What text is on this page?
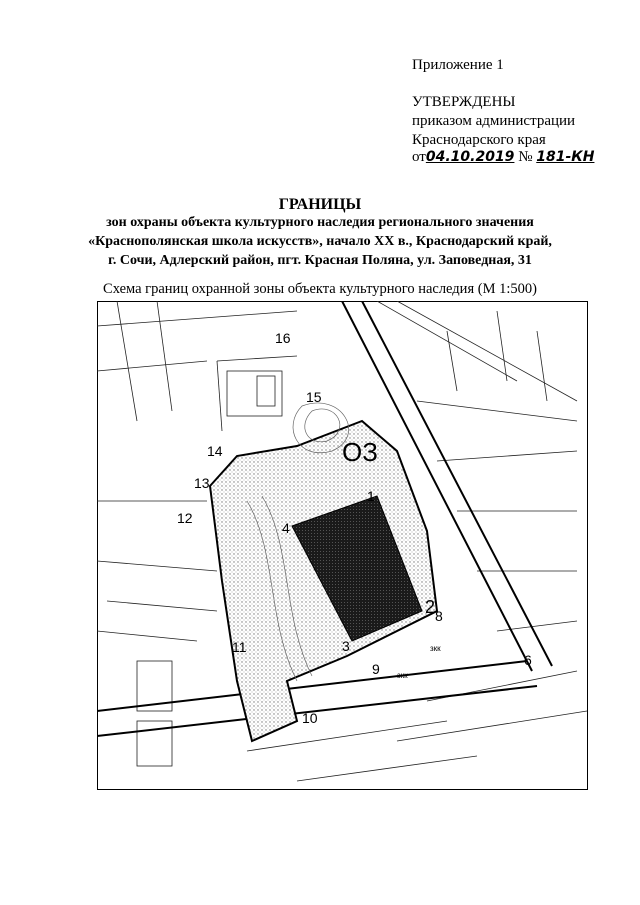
Приложение 1
УТВЕРЖДЕНЫ
приказом администрации
Краснодарского края
от04.10.2019 № 181-КН
ГРАНИЦЫ
зон охраны объекта культурного наследия регионального значения
«Краснополянская школа искусств», начало XX в., Краснодарский край,
г. Сочи, Адлерский район, пгт. Красная Поляна, ул. Заповедная, 31
Схема границ охранной зоны объекта культурного наследия (М 1:500)
ОЗ
1
2
3
4
6
8
9
10
11
12
13
14
15
16
зкк
зкк
